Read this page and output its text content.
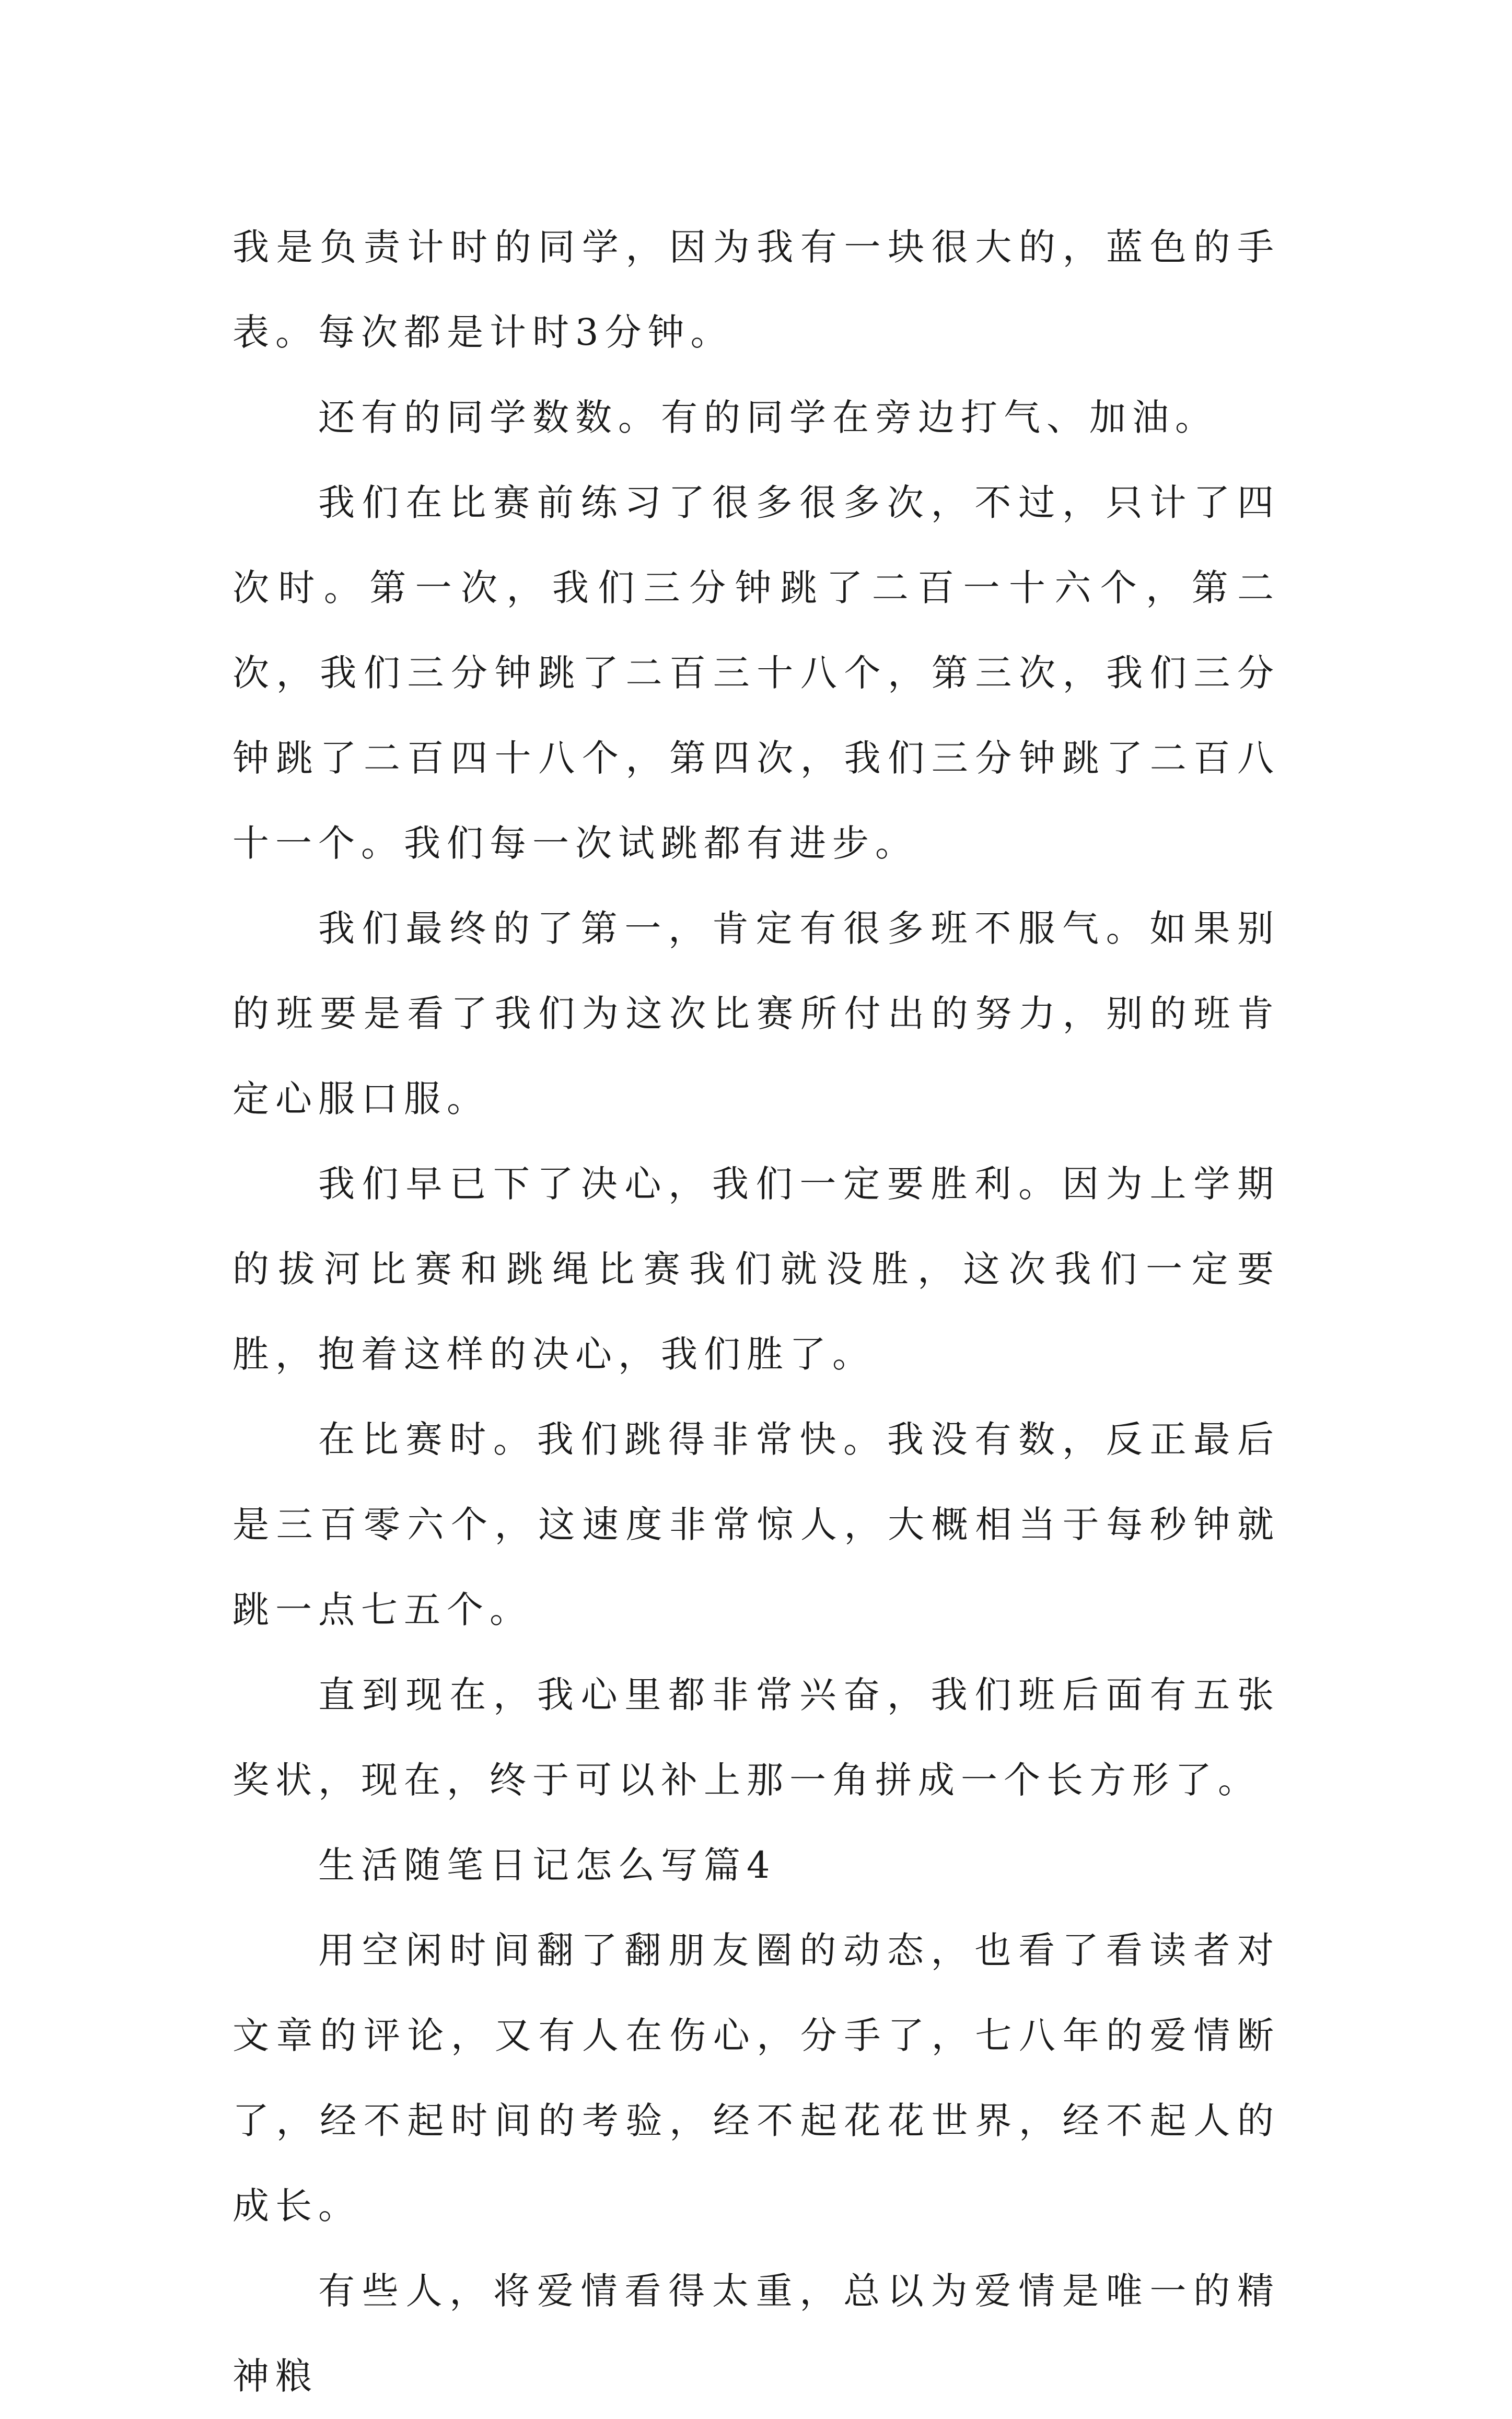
我是负责计时的同学，因为我有一块很大的，蓝色的手表。每次都是计时3分钟。

还有的同学数数。有的同学在旁边打气、加油。

我们在比赛前练习了很多很多次，不过，只计了四次时。第一次，我们三分钟跳了二百一十六个，第二次，我们三分钟跳了二百三十八个，第三次，我们三分钟跳了二百四十八个，第四次，我们三分钟跳了二百八十一个。我们每一次试跳都有进步。

我们最终的了第一，肯定有很多班不服气。如果别的班要是看了我们为这次比赛所付出的努力，别的班肯定心服口服。

我们早已下了决心，我们一定要胜利。因为上学期的拔河比赛和跳绳比赛我们就没胜，这次我们一定要胜，抱着这样的决心，我们胜了。

在比赛时。我们跳得非常快。我没有数，反正最后是三百零六个，这速度非常惊人，大概相当于每秒钟就跳一点七五个。

直到现在，我心里都非常兴奋，我们班后面有五张奖状，现在，终于可以补上那一角拼成一个长方形了。

生活随笔日记怎么写篇4

用空闲时间翻了翻朋友圈的动态，也看了看读者对文章的评论，又有人在伤心，分手了，七八年的爱情断了，经不起时间的考验，经不起花花世界，经不起人的成长。

有些人，将爱情看得太重，总以为爱情是唯一的精神粮
